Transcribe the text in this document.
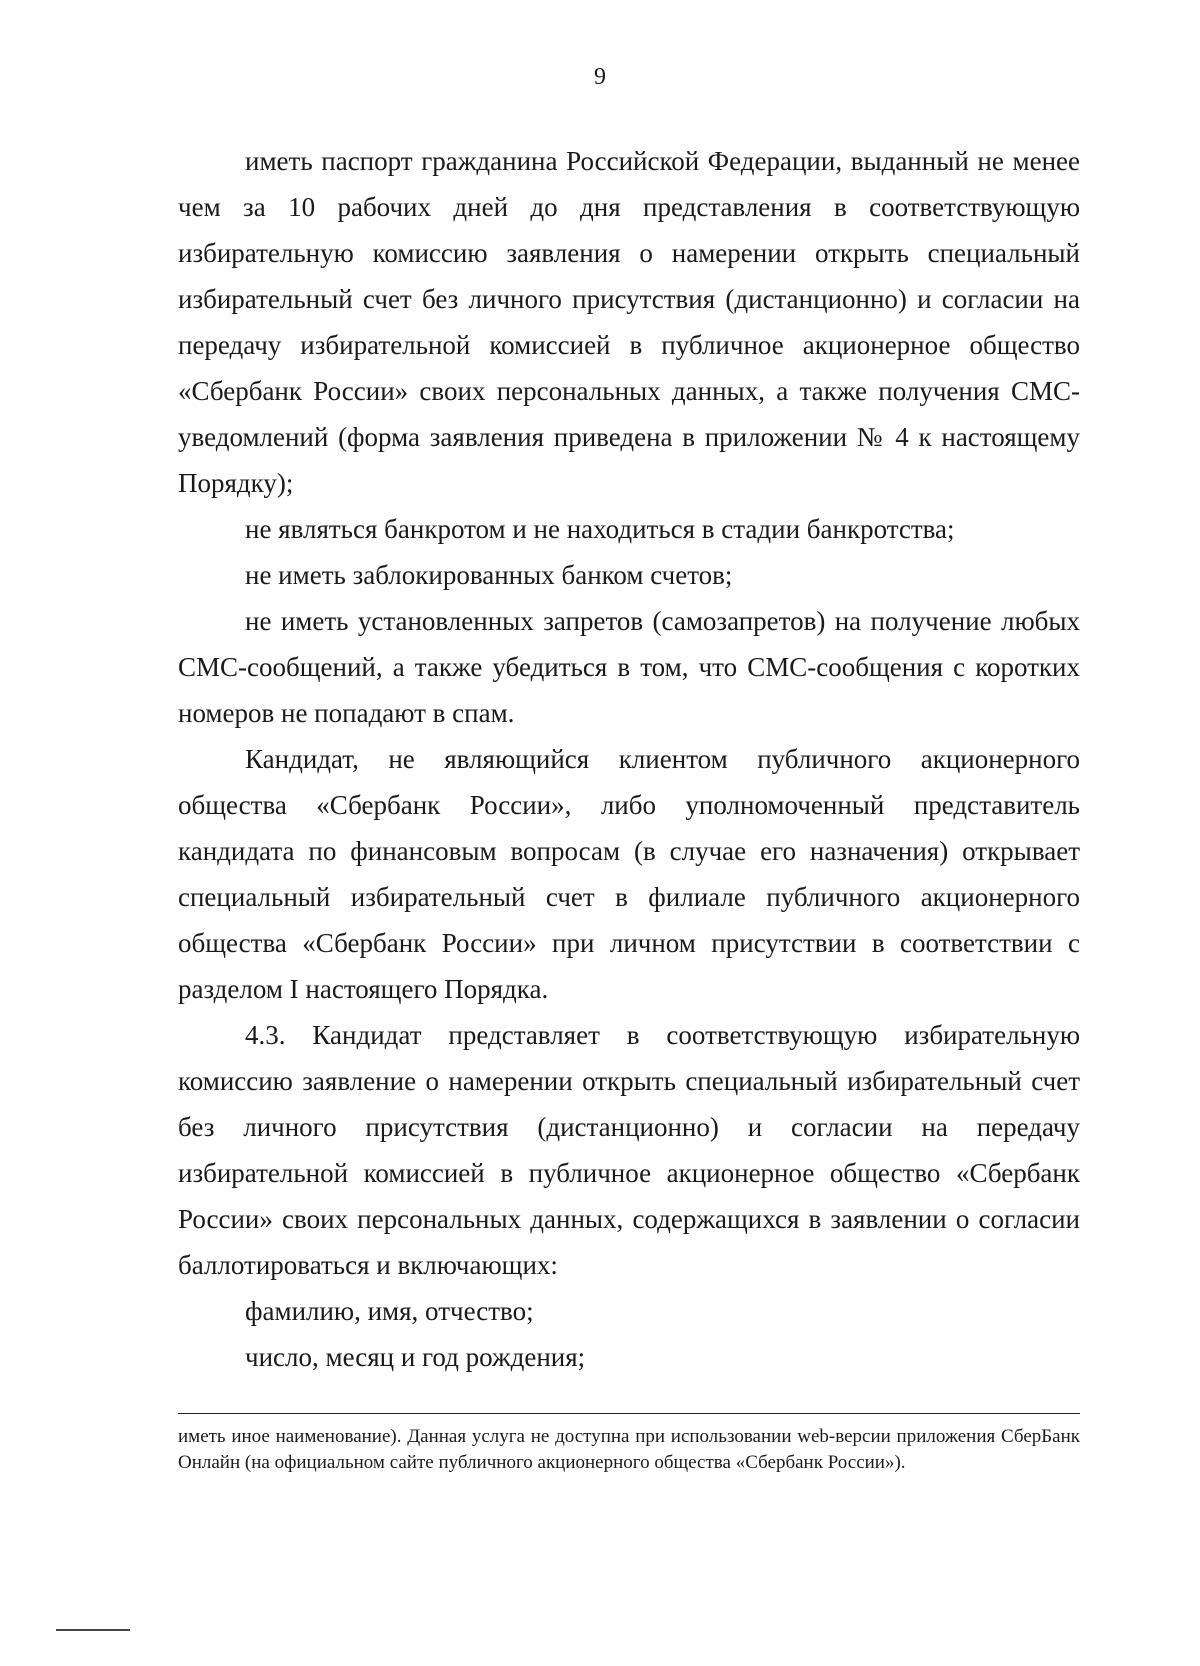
9

иметь паспорт гражданина Российской Федерации, выданный не менее чем за 10 рабочих дней до дня представления в соответствующую избирательную комиссию заявления о намерении открыть специальный избирательный счет без личного присутствия (дистанционно) и согласии на передачу избирательной комиссией в публичное акционерное общество «Сбербанк России» своих персональных данных, а также получения СМС-уведомлений (форма заявления приведена в приложении № 4 к настоящему Порядку);

не являться банкротом и не находиться в стадии банкротства;

не иметь заблокированных банком счетов;

не иметь установленных запретов (самозапретов) на получение любых СМС-сообщений, а также убедиться в том, что СМС-сообщения с коротких номеров не попадают в спам.

Кандидат, не являющийся клиентом публичного акционерного общества «Сбербанк России», либо уполномоченный представитель кандидата по финансовым вопросам (в случае его назначения) открывает специальный избирательный счет в филиале публичного акционерного общества «Сбербанк России» при личном присутствии в соответствии с разделом I настоящего Порядка.

4.3. Кандидат представляет в соответствующую избирательную комиссию заявление о намерении открыть специальный избирательный счет без личного присутствия (дистанционно) и согласии на передачу избирательной комиссией в публичное акционерное общество «Сбербанк России» своих персональных данных, содержащихся в заявлении о согласии баллотироваться и включающих:

фамилию, имя, отчество;

число, месяц и год рождения;

иметь иное наименование). Данная услуга не доступна при использовании web-версии приложения СберБанк Онлайн (на официальном сайте публичного акционерного общества «Сбербанк России»).
